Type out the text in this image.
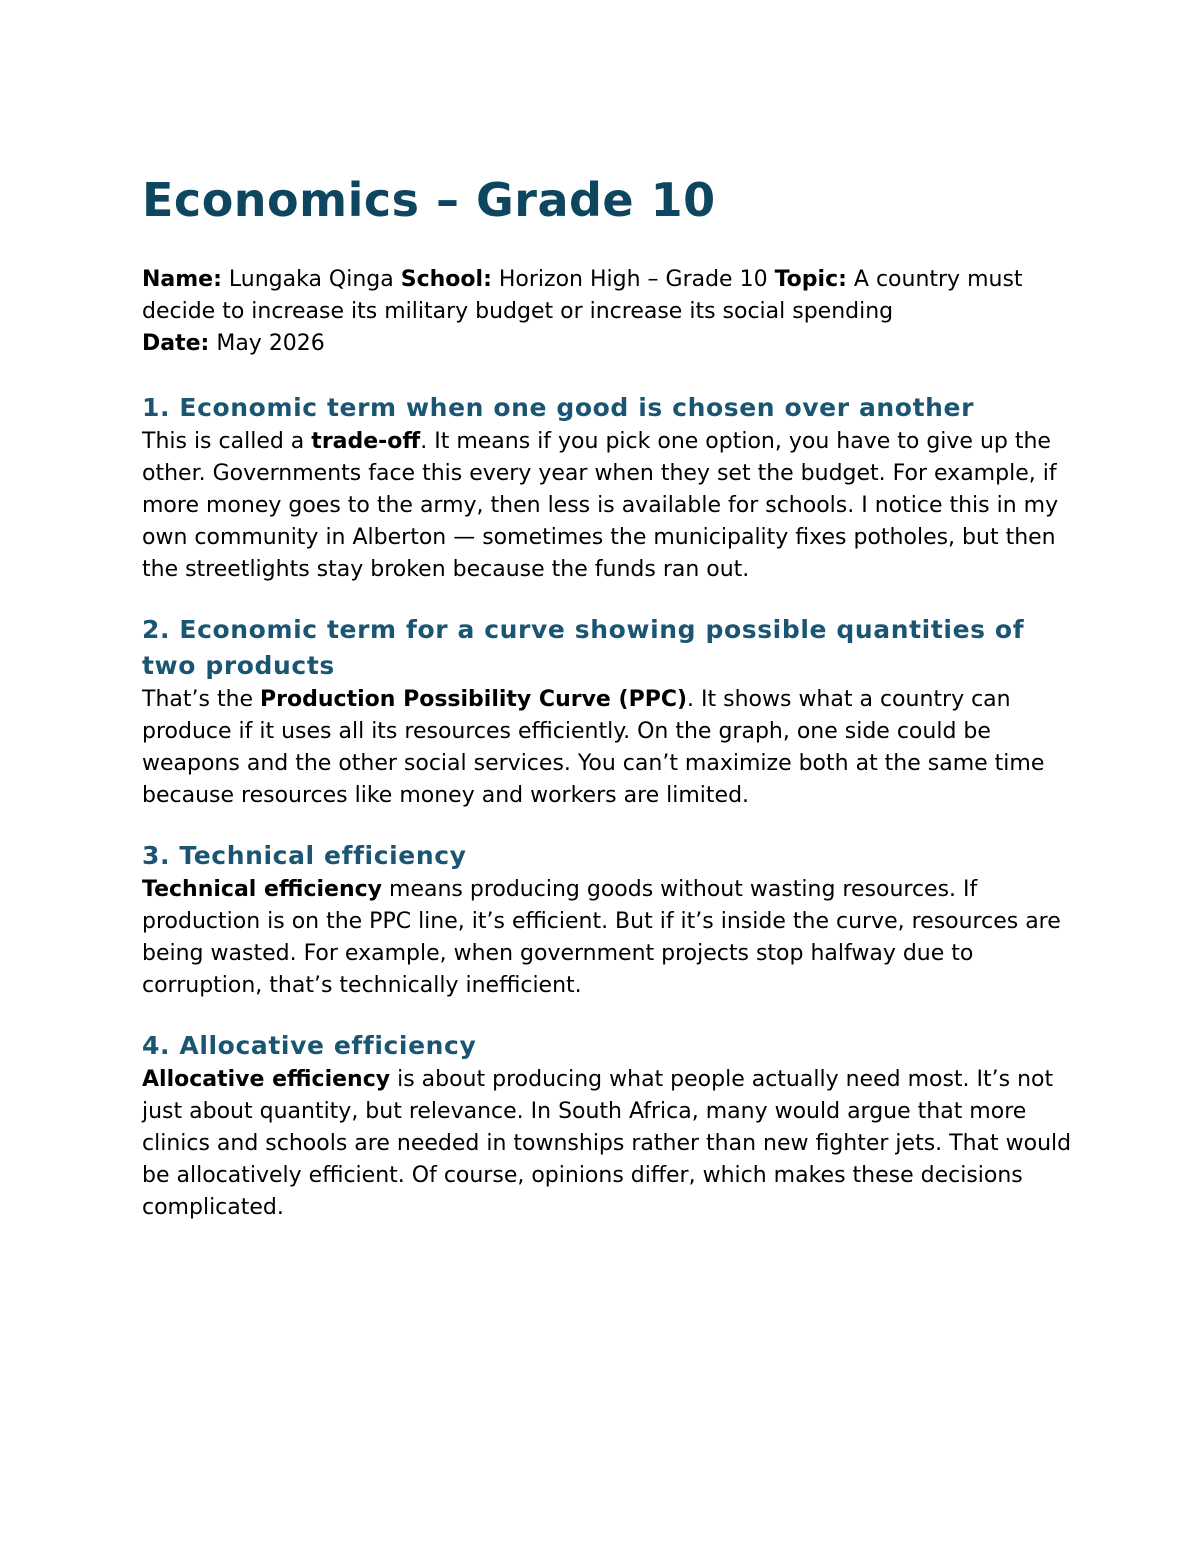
Economics – Grade 10

Name: Lungaka Qinga School: Horizon High – Grade 10 Topic: A country must decide to increase its military budget or increase its social spending
Date: May 2026

1. Economic term when one good is chosen over another

This is called a trade-off. It means if you pick one option, you have to give up the other. Governments face this every year when they set the budget. For example, if more money goes to the army, then less is available for schools. I notice this in my own community in Alberton — sometimes the municipality fixes potholes, but then the streetlights stay broken because the funds ran out.

2. Economic term for a curve showing possible quantities of two products

That’s the Production Possibility Curve (PPC). It shows what a country can produce if it uses all its resources efficiently. On the graph, one side could be weapons and the other social services. You can’t maximize both at the same time because resources like money and workers are limited.

3. Technical efficiency

Technical efficiency means producing goods without wasting resources. If production is on the PPC line, it’s efficient. But if it’s inside the curve, resources are being wasted. For example, when government projects stop halfway due to corruption, that’s technically inefficient.

4. Allocative efficiency

Allocative efficiency is about producing what people actually need most. It’s not just about quantity, but relevance. In South Africa, many would argue that more clinics and schools are needed in townships rather than new fighter jets. That would be allocatively efficient. Of course, opinions differ, which makes these decisions complicated.
